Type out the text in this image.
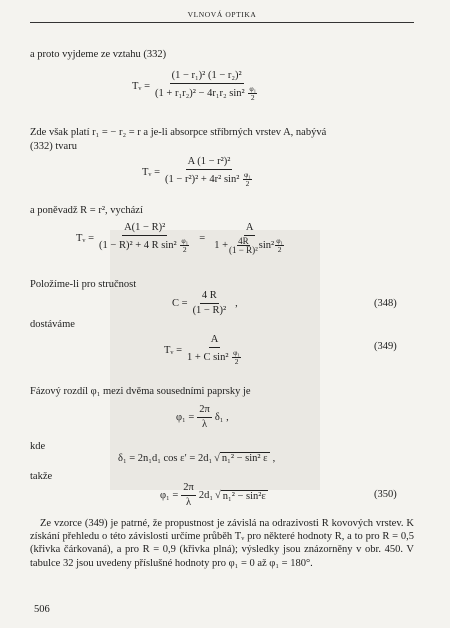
VLNOVÁ OPTIKA
a proto vyjdeme ze vztahu (332)
Tᵥ = $\frac{\text{(1 − r₁)² (1 − r₂)²}}{(1 + r_1r_2)^2 - 4r_1r_2 \sin^2 \frac{\text{φ₁}}{2}}$
Zde však platí r₁ = − r₂ = r a je-li absorpce stříbrných vrstev A, nabývá
(332) tvaru
Tᵥ = $\frac{\text{A (1 − r²)²}}{(1 - r^2)^2 + 4r^2 \sin^2 \frac{\text{φ₁}}{2}}$
a poněvadž R = r², vychází
Tᵥ = $\frac{\text{A(1 − R)²}}{(1 - R)^2 + 4 R \sin^2 \frac{\text{φ₁}}{2}} = \frac{A}{1 + \frac{4R}{\text{(1 − R)²}} \sin^2 \frac{\text{φ₁}}{2}}$
Položíme-li pro stručnost
$C = \frac{4 R}{\text{(1 − R)²}}$ ,	(348)
dostáváme
Tᵥ = $\frac{A}{1 + C \sin^2 \frac{\text{φ₁}}{2}}$	(349)
Fázový rozdíl φ₁ mezi dvěma sousedními paprsky je
$\varphi_1 = \frac{2\pi}{\lambda} \delta_1$ ,
kde
δ₁ = 2n₁d₁ cos ε′ = 2d₁ √ n₁² − sin² ε ,
takže
$\varphi_1 = \frac{2\pi}{\lambda} 2d_1$ √ n₁² − sin²ε	(350)
Ze vzorce (349) je patrné, že propustnost je závislá na odrazivosti R kovových vrstev. K získání přehledu o této závislosti určíme průběh Tᵥ pro některé hodnoty R, a to pro R = 0,5 (křivka čárkovaná), a pro R = 0,9 (křivka plná); výsledky jsou znázorněny v obr. 450. V tabulce 32 jsou uvedeny příslušné hodnoty pro φ₁ = 0 až φ₁ = 180°.
506
